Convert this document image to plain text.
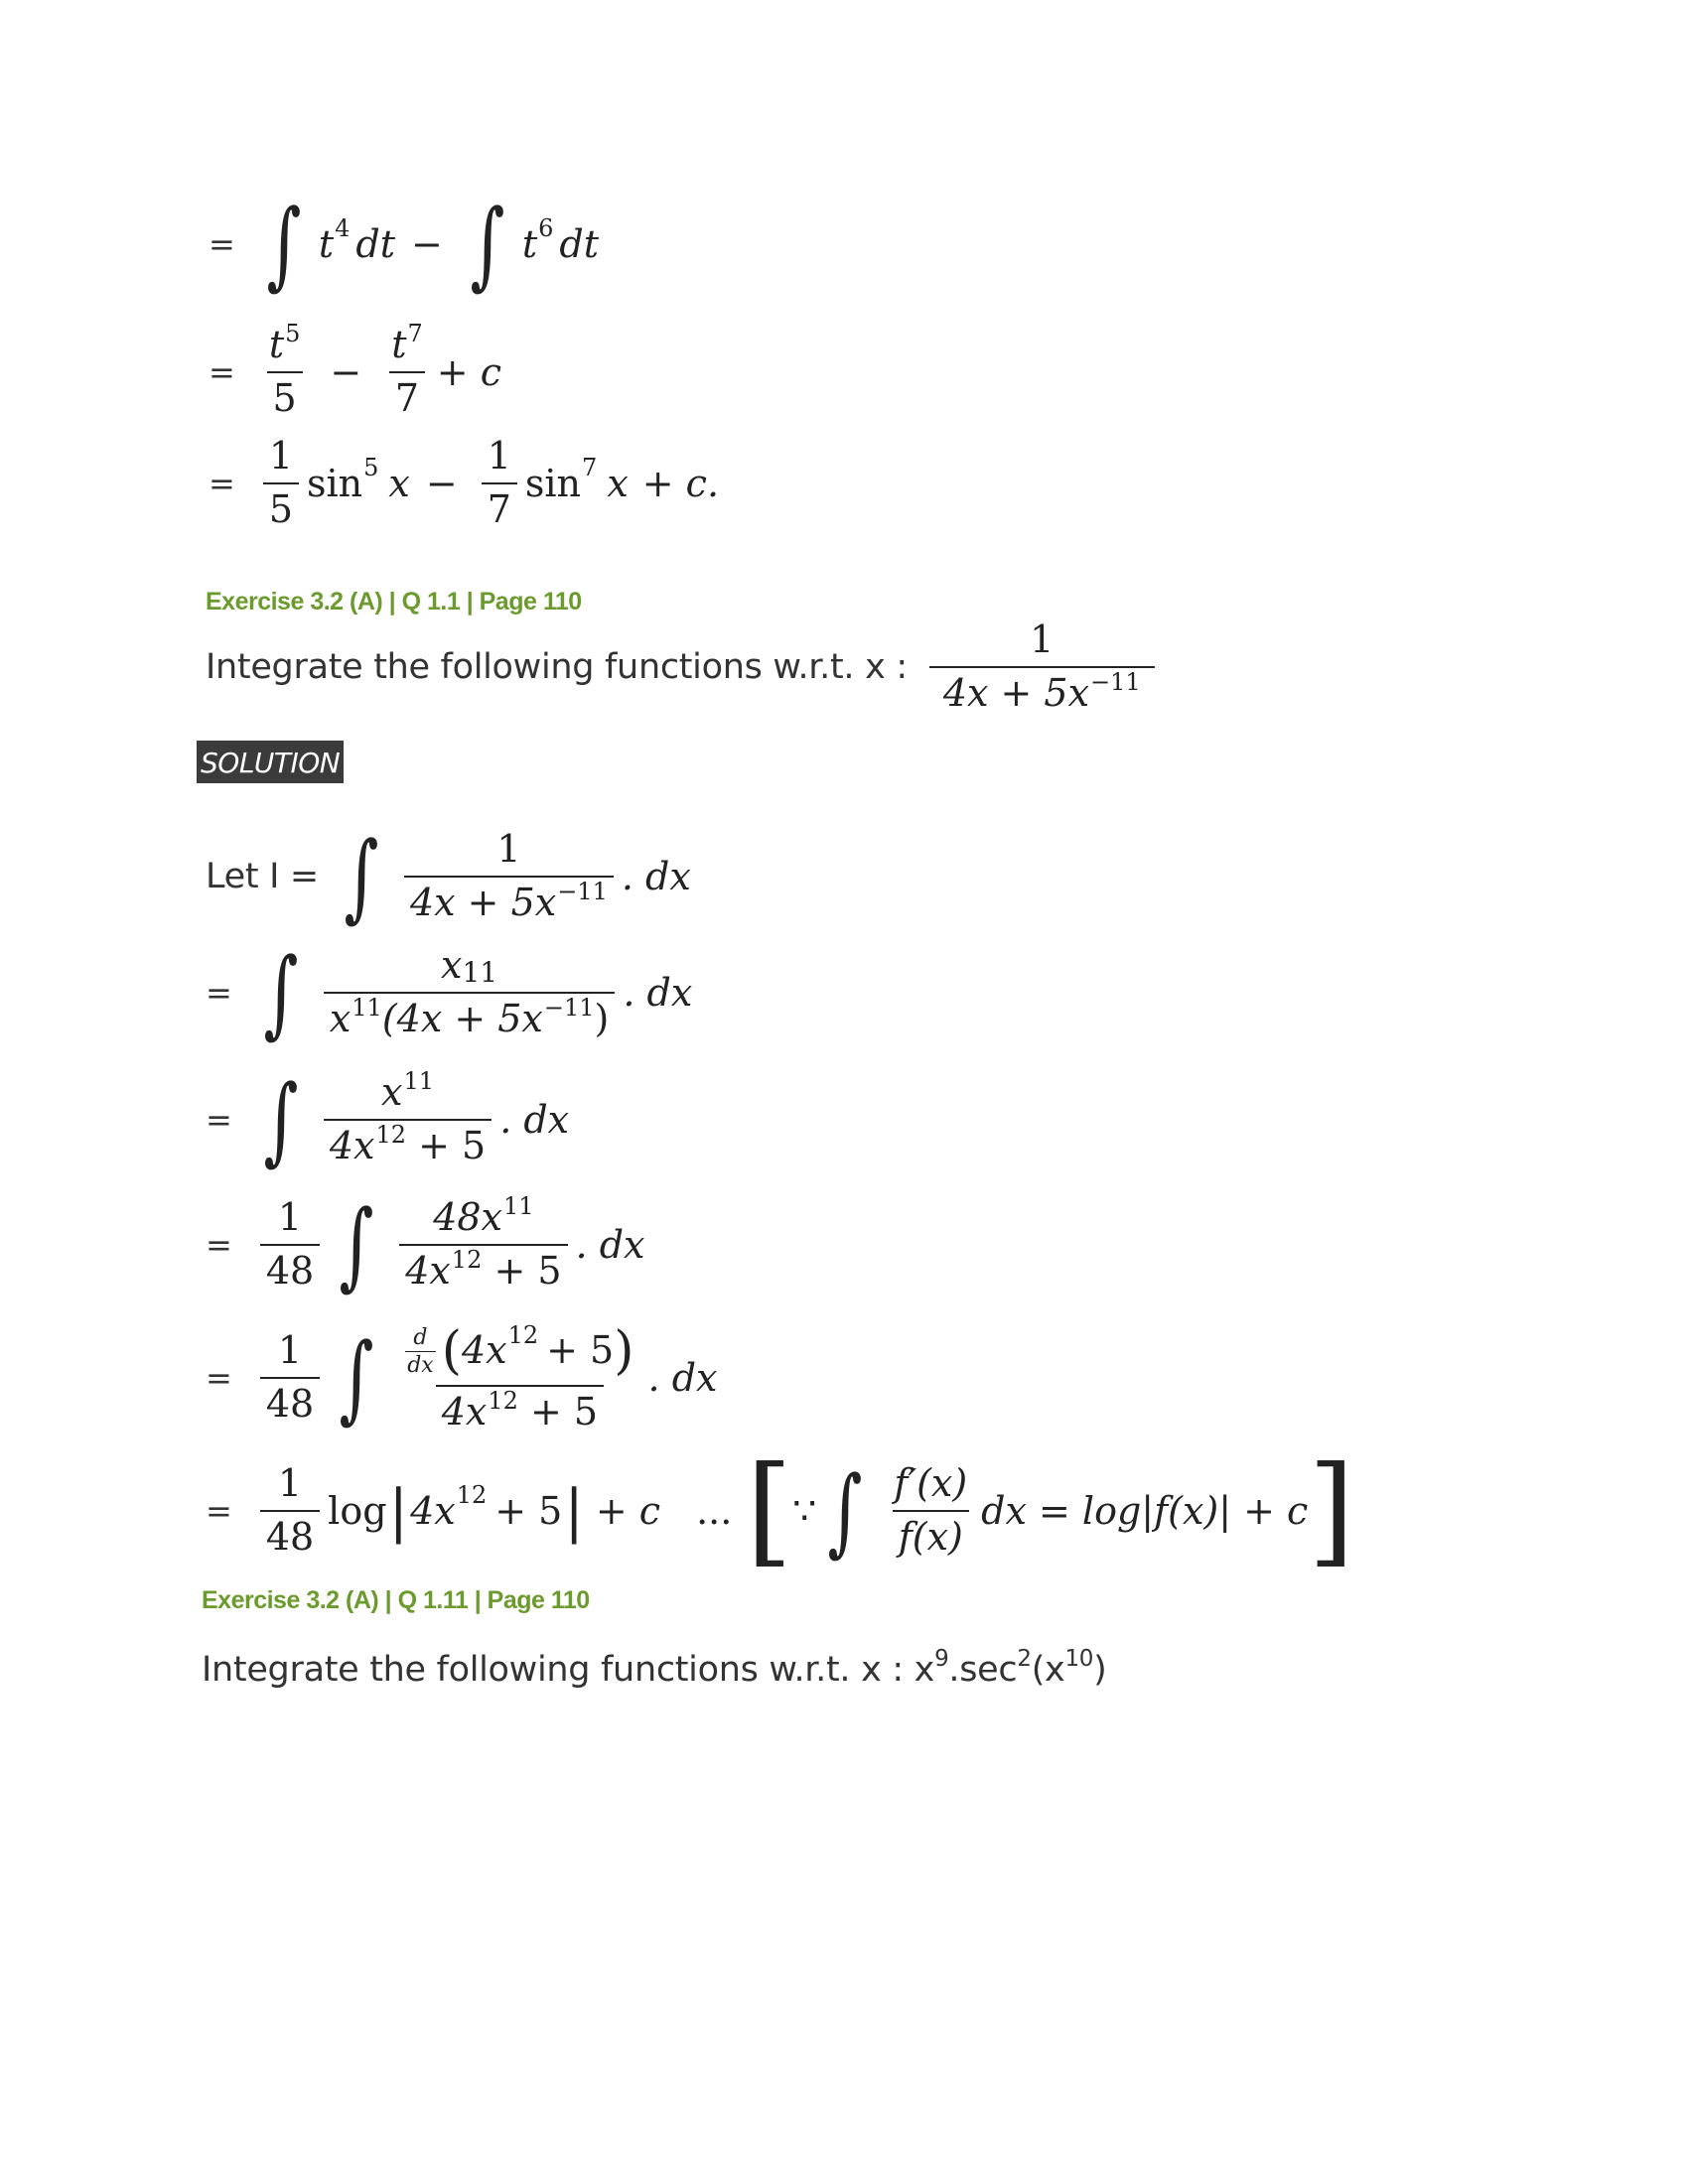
= ∫ t 4 dt − ∫ t 6 dt
= $\frac{t^5}{5} - \frac{t^7}{7} + c$
= $\frac{1}{5}$ sin 5 $x - \frac{1}{7}$ sin 7 x + c.
Exercise 3.2 (A) | Q 1.1 | Page 110
Integrate the following functions w.r.t. x : $\frac{1}{4x + 5x^{-11}}$
SOLUTION
Let I = ∫ $\frac{1}{4x + 5x^{-11}}$ . dx
= ∫ $\frac{x11}{x^{11}(4x + 5x^{-11})}$ . dx
= ∫ $\frac{x^{11}}{4x^{12} + 5}$ . dx
= $\frac{1}{48}$ ∫ $\frac{48x^{11}}{4x^{12} + 5}$ . dx
= $\frac{1}{48}$ ∫ $\frac{\frac{d}{dx} ( 4x 12 + 5 )}{4x^{12} + 5}$ . dx
= $\frac{1}{48}$ log | 4x 12 + 5 | + c ... [ ∵ ∫ $\frac{f'(x)}{f(x)}$ dx = log|f(x)| + c ]
Exercise 3.2 (A) | Q 1.11 | Page 110
Integrate the following functions w.r.t. x : $x^9.\sec^2(x^{10})$
